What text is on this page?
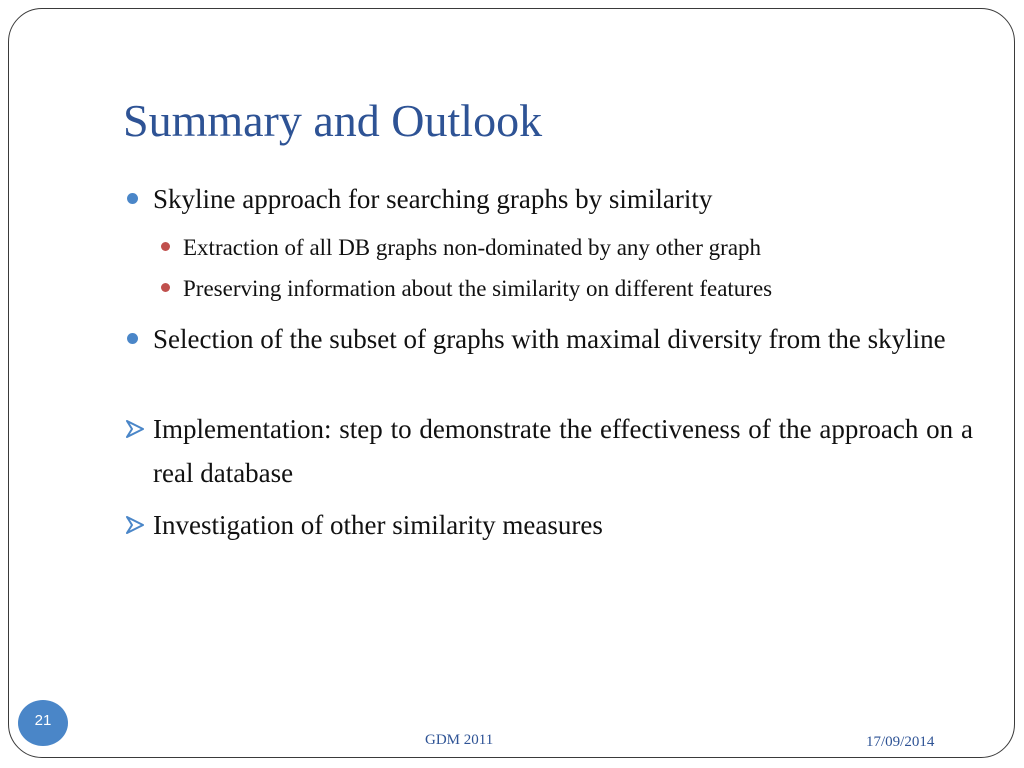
Summary and Outlook
Skyline approach for searching graphs by similarity
Extraction of all DB graphs non-dominated by any other graph
Preserving information about the similarity on different features
Selection of the subset of graphs with maximal diversity from the skyline
Implementation: step to demonstrate the effectiveness of the approach on a real database
Investigation of other similarity measures
21
GDM 2011	17/09/2014
